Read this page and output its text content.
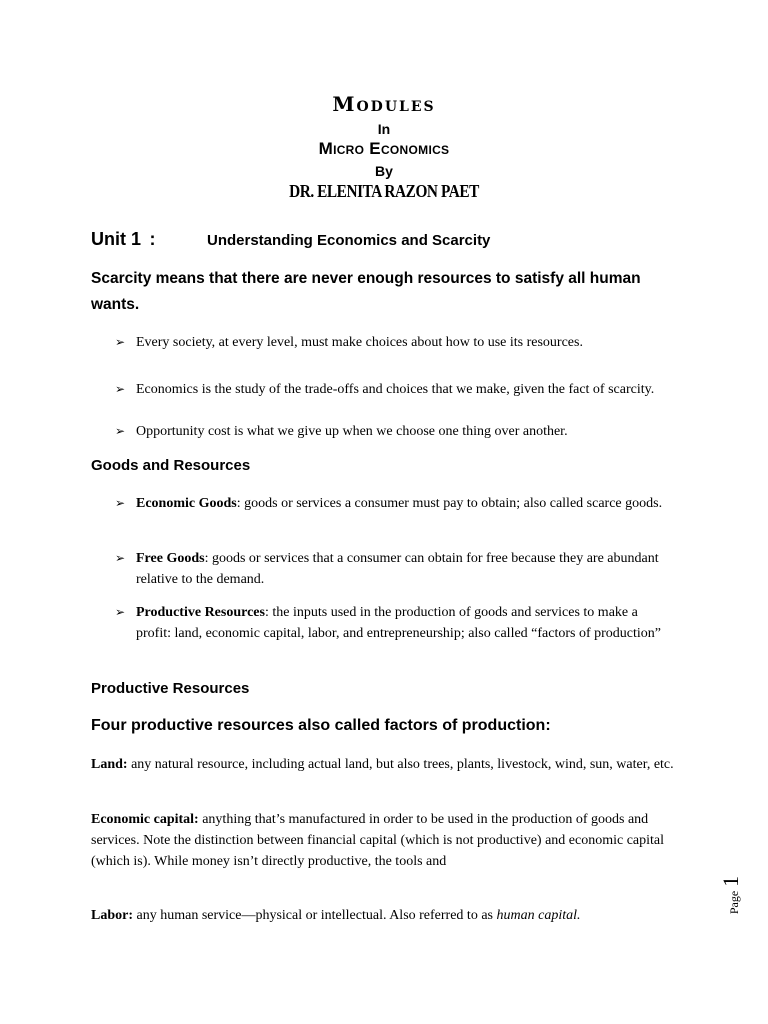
Modules
In
Micro Economics
By
DR. ELENITA RAZON PAET
Unit 1 :	Understanding Economics and Scarcity
Scarcity means that there are never enough resources to satisfy all human wants.
➢ Every society, at every level, must make choices about how to use its resources.
➢ Economics is the study of the trade-offs and choices that we make, given the fact of scarcity.
➢ Opportunity cost is what we give up when we choose one thing over another.
Goods and Resources
➢ Economic Goods: goods or services a consumer must pay to obtain; also called scarce goods.
➢ Free Goods: goods or services that a consumer can obtain for free because they are abundant relative to the demand.
➢ Productive Resources: the inputs used in the production of goods and services to make a profit: land, economic capital, labor, and entrepreneurship; also called “factors of production”
Productive Resources
Four productive resources also called factors of production:
Land: any natural resource, including actual land, but also trees, plants, livestock, wind, sun, water, etc.
Economic capital: anything that’s manufactured in order to be used in the production of goods and services. Note the distinction between financial capital (which is not productive) and economic capital (which is). While money isn’t directly productive, the tools and
Labor: any human service—physical or intellectual. Also referred to as human capital.
Page 1
